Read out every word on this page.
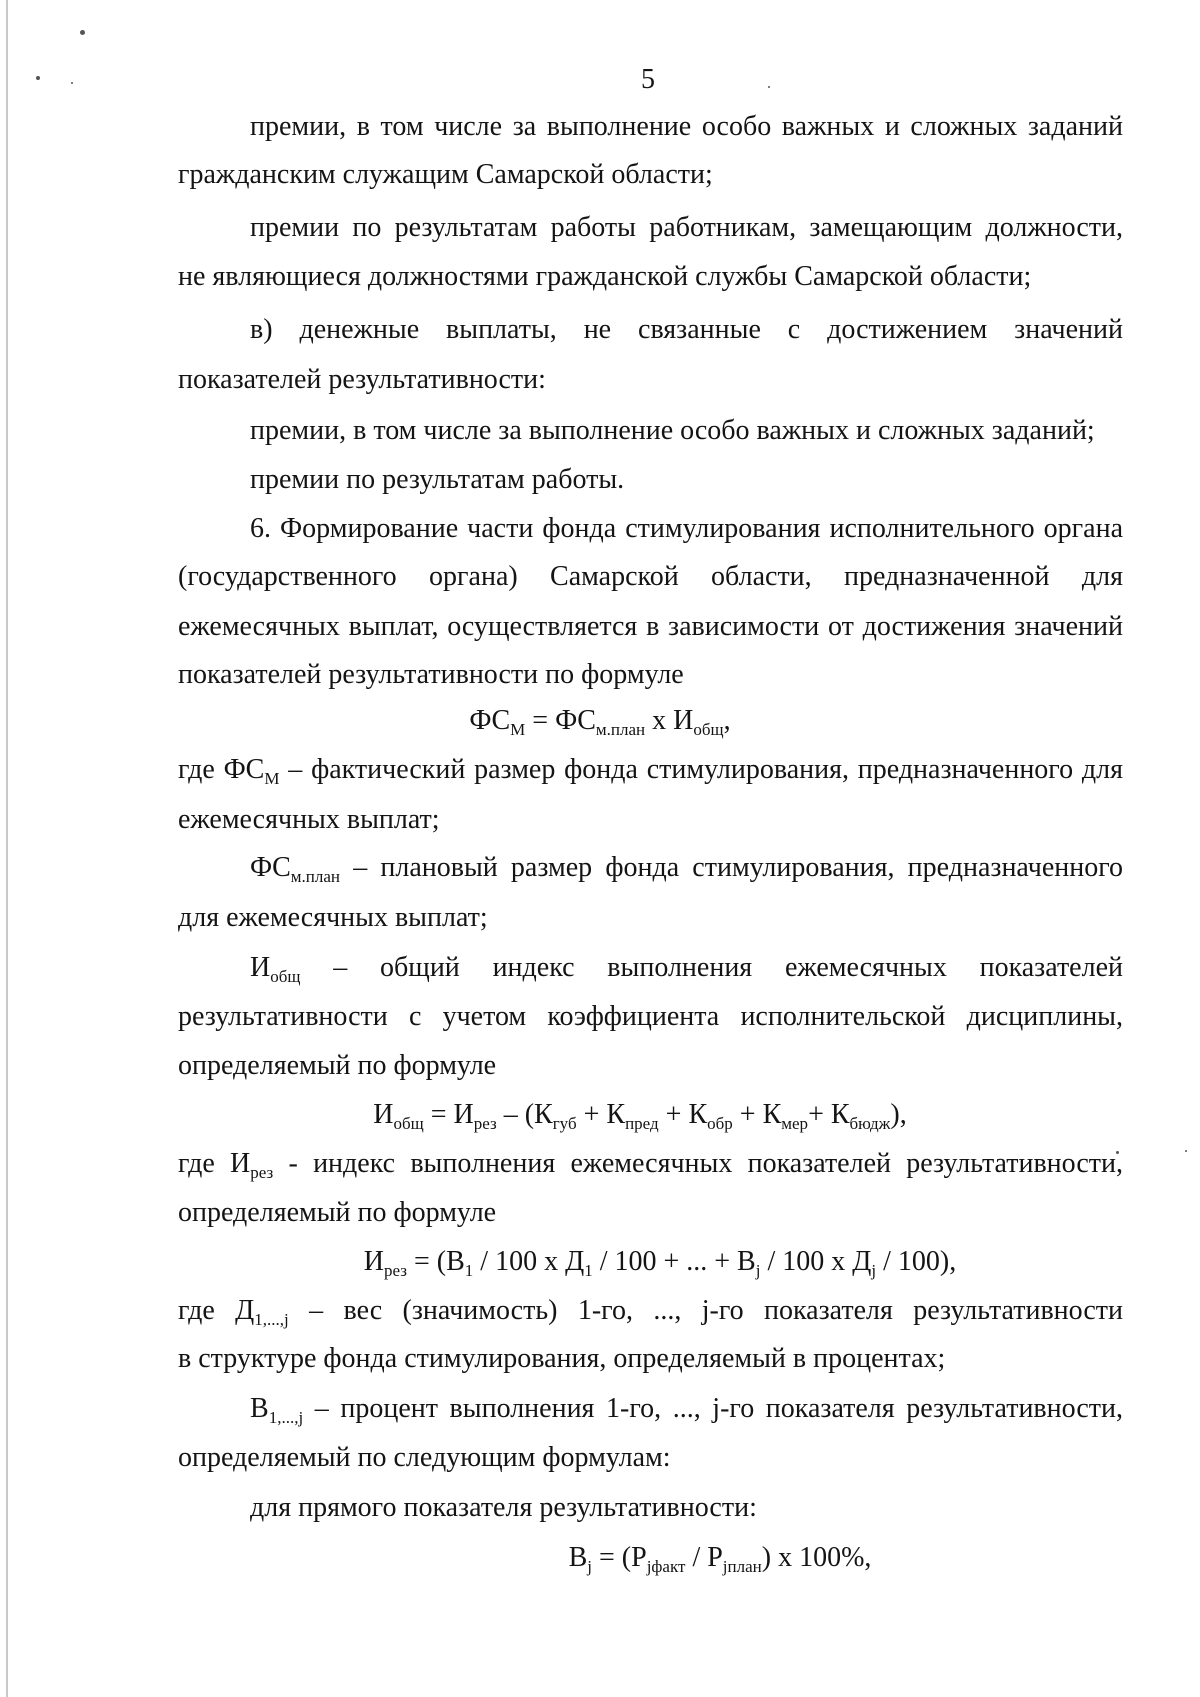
5
премии, в том числе за выполнение особо важных и сложных заданий
гражданским служащим Самарской области;
премии по результатам работы работникам, замещающим должности,
не являющиеся должностями гражданской службы Самарской области;
в) денежные выплаты, не связанные с достижением значений
показателей результативности:
премии, в том числе за выполнение особо важных и сложных заданий;
премии по результатам работы.
6. Формирование части фонда стимулирования исполнительного органа
(государственного органа) Самарской области, предназначенной для
ежемесячных выплат, осуществляется в зависимости от достижения значений
показателей результативности по формуле
$ФС_М = ФС_{м.план}$ х $И_{общ}$,
где $ФС_М$ – фактический размер фонда стимулирования, предназначенного для
ежемесячных выплат;
$ФС_{м.план}$ – плановый размер фонда стимулирования, предназначенного
для ежемесячных выплат;
$И_{общ}$ – общий индекс выполнения ежемесячных показателей
результативности с учетом коэффициента исполнительской дисциплины,
определяемый по формуле
$И_{общ} = И_{рез} - (К_{губ} + К_{пред} + К_{обр} + К_{мер}+ К_{бюдж})$,
где $И_{рез}$ - индекс выполнения ежемесячных показателей результативности,
определяемый по формуле
$И_{рез} = (В_1 / 100$ х $Д_1 / 100$ + ... + $В_j / 100$ х $Д_j / 100$),
где $Д_{1,...,j}$ – вес (значимость) 1-го, ..., j-го показателя результативности
в структуре фонда стимулирования, определяемый в процентах;
$В_{1,...,j}$ – процент выполнения 1-го, ..., j-го показателя результативности,
определяемый по следующим формулам:
для прямого показателя результативности:
$В_j = (Р_{jфакт} / Р_{jплан})$ х 100%,
